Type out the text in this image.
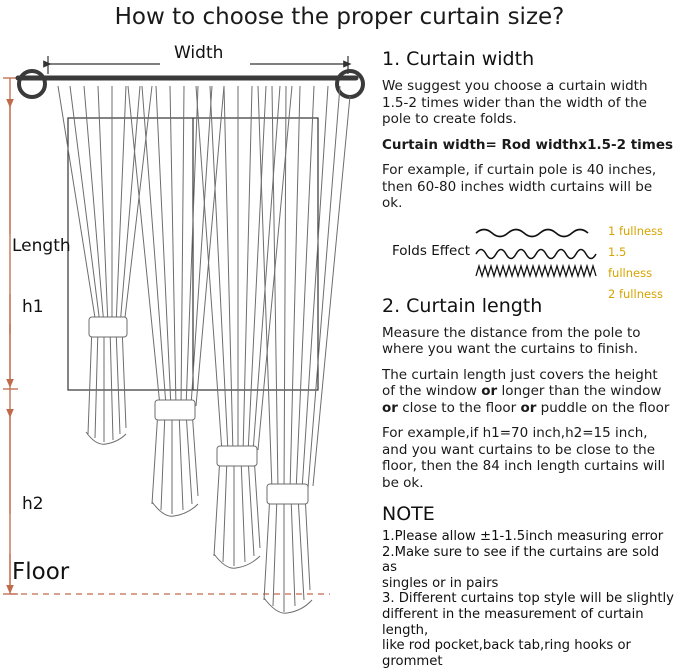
How to choose the proper curtain size?
Width
Length
h1
h2
Floor
1. Curtain width

We suggest you choose a curtain width 1.5-2 times wider than the width of the pole to create folds.

Curtain width= Rod widthx1.5-2 times

For example, if curtain pole is 40 inches, then 60-80 inches width curtains will be ok.

Folds Effect
1 fullness
1.5 fullness
2 fullness
2. Curtain length

Measure the distance from the pole to where you want the curtains to finish.

The curtain length just covers the height of the window or longer than the window or close to the floor or puddle on the floor

For example,if h1=70 inch,h2=15 inch, and you want curtains to be close to the floor, then the 84 inch length curtains will be ok.

NOTE

1.Please allow ±1-1.5inch measuring error

2.Make sure to see if the curtains are sold as

singles or in pairs

3. Different curtains top style will be slightly

different in the measurement of curtain length,

like rod pocket,back tab,ring hooks or grommet
